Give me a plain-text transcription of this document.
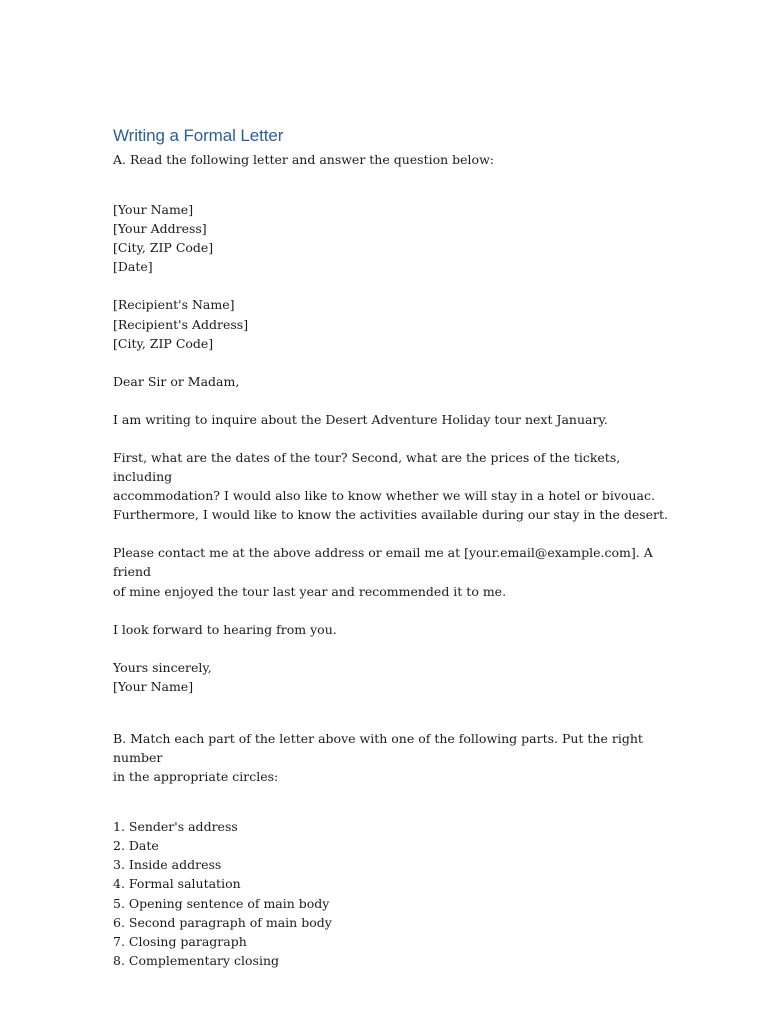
Writing a Formal Letter

A. Read the following letter and answer the question below:

[Your Name]
[Your Address]
[City, ZIP Code]
[Date]
[Recipient's Name]
[Recipient's Address]
[City, ZIP Code]

Dear Sir or Madam,

I am writing to inquire about the Desert Adventure Holiday tour next January.

First, what are the dates of the tour? Second, what are the prices of the tickets, including
accommodation? I would also like to know whether we will stay in a hotel or bivouac.
Furthermore, I would like to know the activities available during our stay in the desert.
Please contact me at the above address or email me at [your.email@example.com]. A friend
of mine enjoyed the tour last year and recommended it to me.

I look forward to hearing from you.

Yours sincerely,
[Your Name]
B. Match each part of the letter above with one of the following parts. Put the right number
in the appropriate circles:
1. Sender's address
2. Date
3. Inside address
4. Formal salutation
5. Opening sentence of main body
6. Second paragraph of main body
7. Closing paragraph
8. Complementary closing
